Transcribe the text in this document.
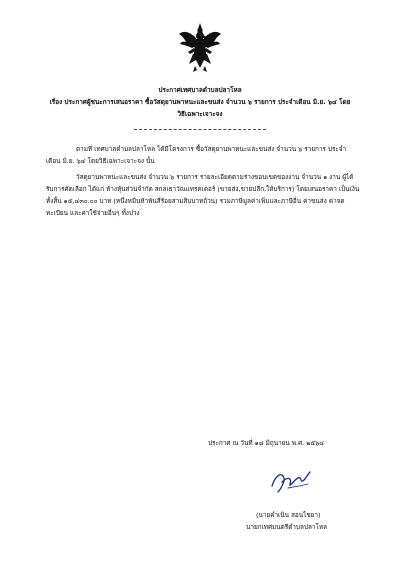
ประกาศเทศบาลตำบลปลาโหล
เรื่อง ประกาศผู้ชนะการเสนอราคา ซื้อวัสดุยานพาหนะและขนส่ง จำนวน ๖ รายการ ประจำเดือน มิ.ย. ๖๔ โดย
วิธีเฉพาะเจาะจง
ตามที่ เทศบาลตำบลปลาโหล ได้มีโครงการ ซื้อวัสดุยานพาหนะและขนส่ง จำนวน ๖ รายการ ประจำ
เดือน มิ.ย. ๖๔ โดยวิธีเฉพาะเจาะจง นั้น
วัสดุยานพาหนะและขนส่ง จำนวน ๖ รายการ รายละเอียดตามร่างขอบเขตของงาน จำนวน ๑ งาน ผู้ได้
รับการคัดเลือก ได้แก่ ห้างหุ้นส่วนจำกัด สกลเธาวัณแทรคเตอร์ (ขายส่ง,ขายปลีก,ให้บริการ) โดยเสนอราคา เป็นเงิน
ทั้งสิ้น ๑๕,๔๓๐.๐๐ บาท (หนึ่งหมื่นห้าพันสี่ร้อยสามสิบบาทถ้วน) รวมภาษีมูลค่าเพิ่มและภาษีอื่น ค่าขนส่ง ค่าจด
ทะเบียน และค่าใช้จ่ายอื่นๆ ทั้งปวง
ประกาศ ณ วันที่ ๑๘ มิถุนายน พ.ศ. ๒๕๖๔
(นายคำเนิน สอนไชยา)
นายกเทศมนตรีตำบลปลาโหล
